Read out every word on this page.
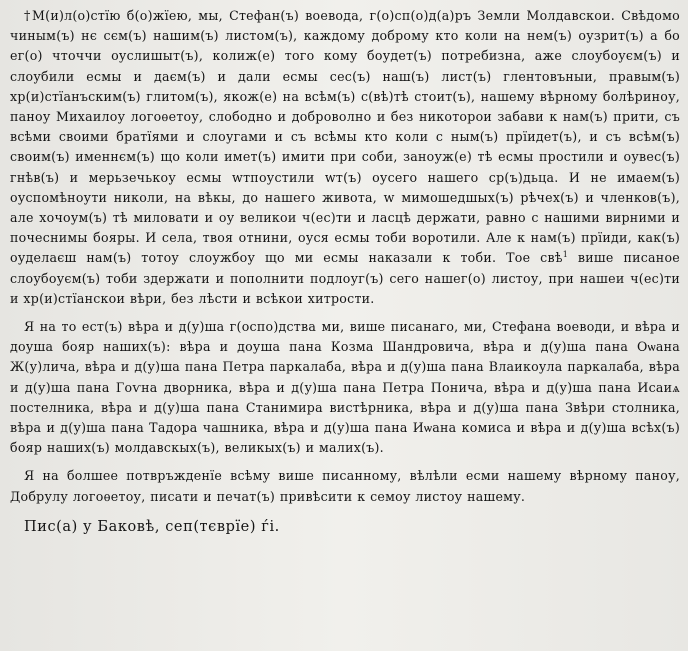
†М(и)л(о)стїю б(о)жїею, мы, Стефан(ъ) воевода, г(о)сп(о)д(а)ръ Земли Молдавскои. Свѣдомо чиным(ъ) нє сєм(ъ) нашим(ъ) листом(ъ), каждому доброму кто коли на нем(ъ) оузрит(ъ) а бо ег(о) чточчи оуслишыт(ъ), колиж(е) того кому боудет(ъ) потребизна, аже слоубоуєм(ъ) и слоубили есмы и даєм(ъ) и дали есмы сес(ъ) наш(ъ) лист(ъ) глентовъныи, правым(ъ) хр(и)стїанъским(ъ) глитом(ъ), якож(е) на всѣм(ъ) с(вѣ)тѣ стоит(ъ), нашему вѣрному болѣриноу, паноу Михаилоу логоѳетоу, слободно и доброволно и без никоторои забави к нам(ъ) прити, съ всѣми своими братїями и слоугами и съ всѣмы кто коли с ным(ъ) прїидет(ъ), и съ всѣм(ъ) своим(ъ) именнєм(ъ) що коли имет(ъ) имити при соби, заноуж(е) тѣ есмы простили и оувес(ъ) гнѣв(ъ) и мерьзечькоу есмы wтпоустили wт(ъ) оусего нашего ср(ъ)дьца. И не имаем(ъ) оуспомѣноути николи, на вѣкы, до нашего живота, w мимошедшых(ъ) рѣчех(ъ) и членков(ъ), але хочоум(ъ) тѣ миловати и оу великои ч(ес)ти и ласцѣ держати, равно с нашими вирними и почеснимы бояры. И села, твоя отнини, оуся есмы тоби воротили. Але к нам(ъ) прїиди, как(ъ) оуделаєш нам(ъ) тотоу слоужбоу що ми есмы наказали к тоби. Тое свѣ$^1$ више писаное слоубоуєм(ъ) тоби здержати и пополнити подлоуг(ъ) сего нашег(о) листоу, при нашеи ч(ес)ти и хр(и)стїанскои вѣри, без лѣсти и всѣкои хитрости.

Я на то ест(ъ) вѣра и д(у)ша г(оспо)дства ми, више писанаго, ми, Стефана воеводи, и вѣра и доуша бояр наших(ъ): вѣра и доуша пана Козма Шандровича, вѣра и д(у)ша пана Оѡана Ж(у)лича, вѣра и д(у)ша пана Петра паркалаба, вѣра и д(у)ша пана Влаикоула паркалаба, вѣра и д(у)ша пана Гоѵна дворника, вѣра и д(у)ша пана Петра Понича, вѣра и д(у)ша пана Исаиѧ постелника, вѣра и д(у)ша пана Станимира вистѣрника, вѣра и д(у)ша пана Звѣри столника, вѣра и д(у)ша пана Тадора чашника, вѣра и д(у)ша пана Иѡана комиса и вѣра и д(у)ша всѣх(ъ) бояр наших(ъ) молдавскых(ъ), великых(ъ) и малих(ъ).

Я на болшее потвръжденїе всѣму више писанному, вѣлѣли есми нашему вѣрному паноу, Добрулу логоѳетоу, писати и печат(ъ) привѣсити к семоу листоу нашему.

Пис(а) у Баковѣ, сеп(тєврїе) ѓі.
